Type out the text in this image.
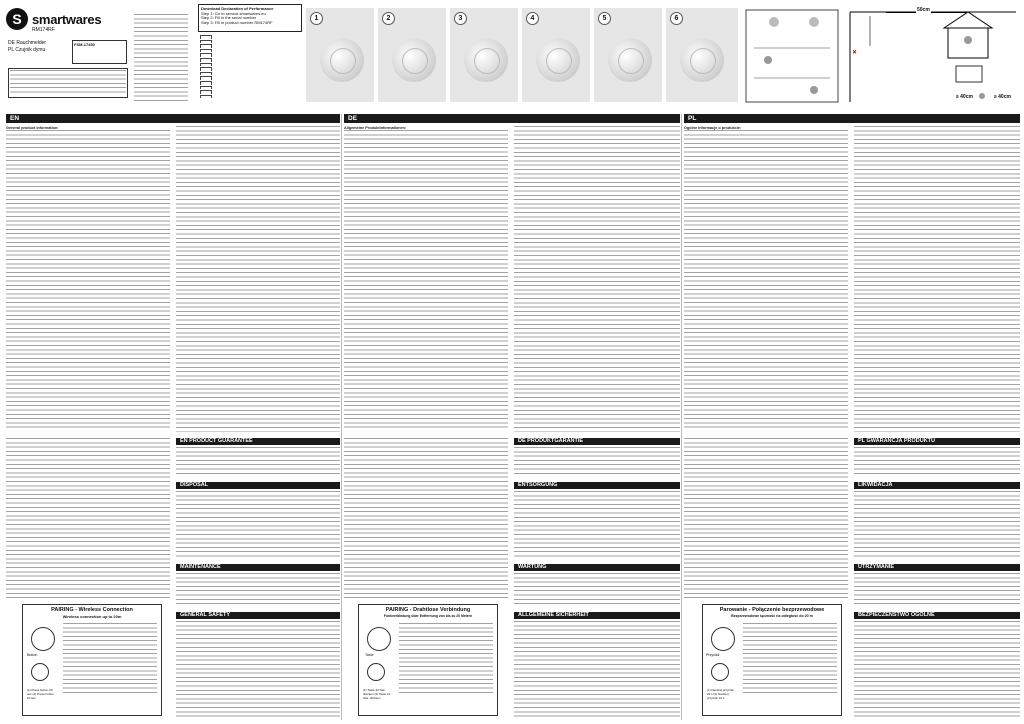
S smartwares
RM174RF
DE Rauchmelder
PL Czujnik dymu
FSM-17450
Download Declaration of Performance
Step 1: Go to service.smartwares.eu
Step 2: Fill in the serial number
Step 3: Fill in product number RM174RF

1	2	3	4	5	6
✕
≥ 40cm	≥ 40cm
50cm
EN
General product information:
EN PRODUCT GUARANTEE
DISPOSAL
MAINTENANCE
GENERAL SAFETY
PAIRING - Wireless Connection
Wireless connection up to 20m
Button
(1) Press button 20 sec (2) Press button 10 sec
DE
Allgemeine Produktinformationen:
DE PRODUKTGARANTIE
ENTSORGUNG
WARTUNG
ALLGEMEINE SICHERHEIT
PAIRING - Drahtlose Verbindung
Funkverbindung über Entfernung von bis zu 20 Metern
Taste
(1) Taste 20 Sek. drücken (2) Taste 10 Sek. drücken
PL
Ogólne informacje o produkcie:
PL GWARANCJA PRODUKTU
LIKWIDACJA
UTRZYMANIE
BEZPIECZEŃSTWO OGÓLNE
Parowanie - Połączenie bezprzewodowe
Bezprzewodowe łączność na odległość do 20 m
Przycisk
(1) Naciśnij przycisk 20 s (2) Naciśnij przycisk 10 s
